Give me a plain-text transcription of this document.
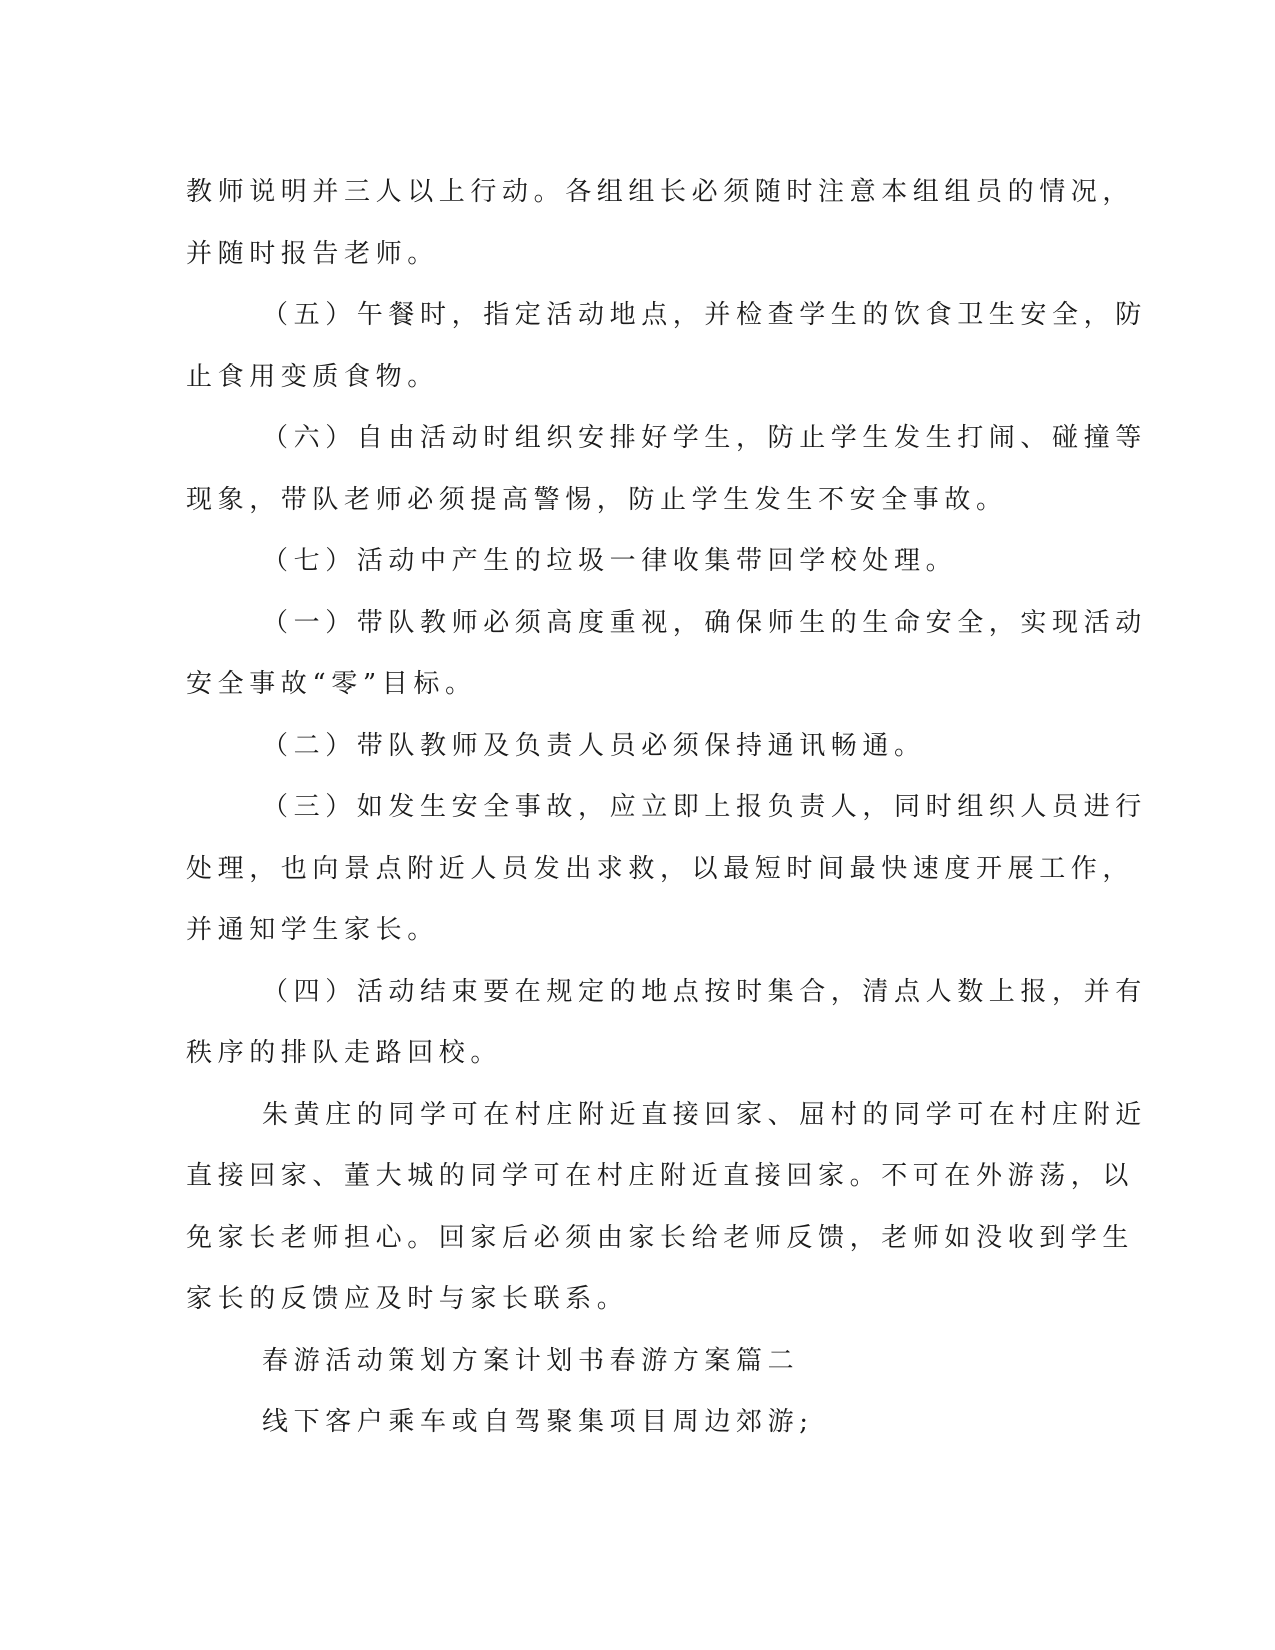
教师说明并三人以上行动。各组组长必须随时注意本组组员的情况，
并随时报告老师。
（五）午餐时，指定活动地点，并检查学生的饮食卫生安全，防
止食用变质食物。
（六）自由活动时组织安排好学生，防止学生发生打闹、碰撞等
现象，带队老师必须提高警惕，防止学生发生不安全事故。
（七）活动中产生的垃圾一律收集带回学校处理。
（一）带队教师必须高度重视，确保师生的生命安全，实现活动
安全事故“零”目标。
（二）带队教师及负责人员必须保持通讯畅通。
（三）如发生安全事故，应立即上报负责人，同时组织人员进行
处理，也向景点附近人员发出求救，以最短时间最快速度开展工作，
并通知学生家长。
（四）活动结束要在规定的地点按时集合，清点人数上报，并有
秩序的排队走路回校。
朱黄庄的同学可在村庄附近直接回家、屈村的同学可在村庄附近
直接回家、董大城的同学可在村庄附近直接回家。不可在外游荡，以
免家长老师担心。回家后必须由家长给老师反馈，老师如没收到学生
家长的反馈应及时与家长联系。
春游活动策划方案计划书春游方案篇二
线下客户乘车或自驾聚集项目周边郊游;
